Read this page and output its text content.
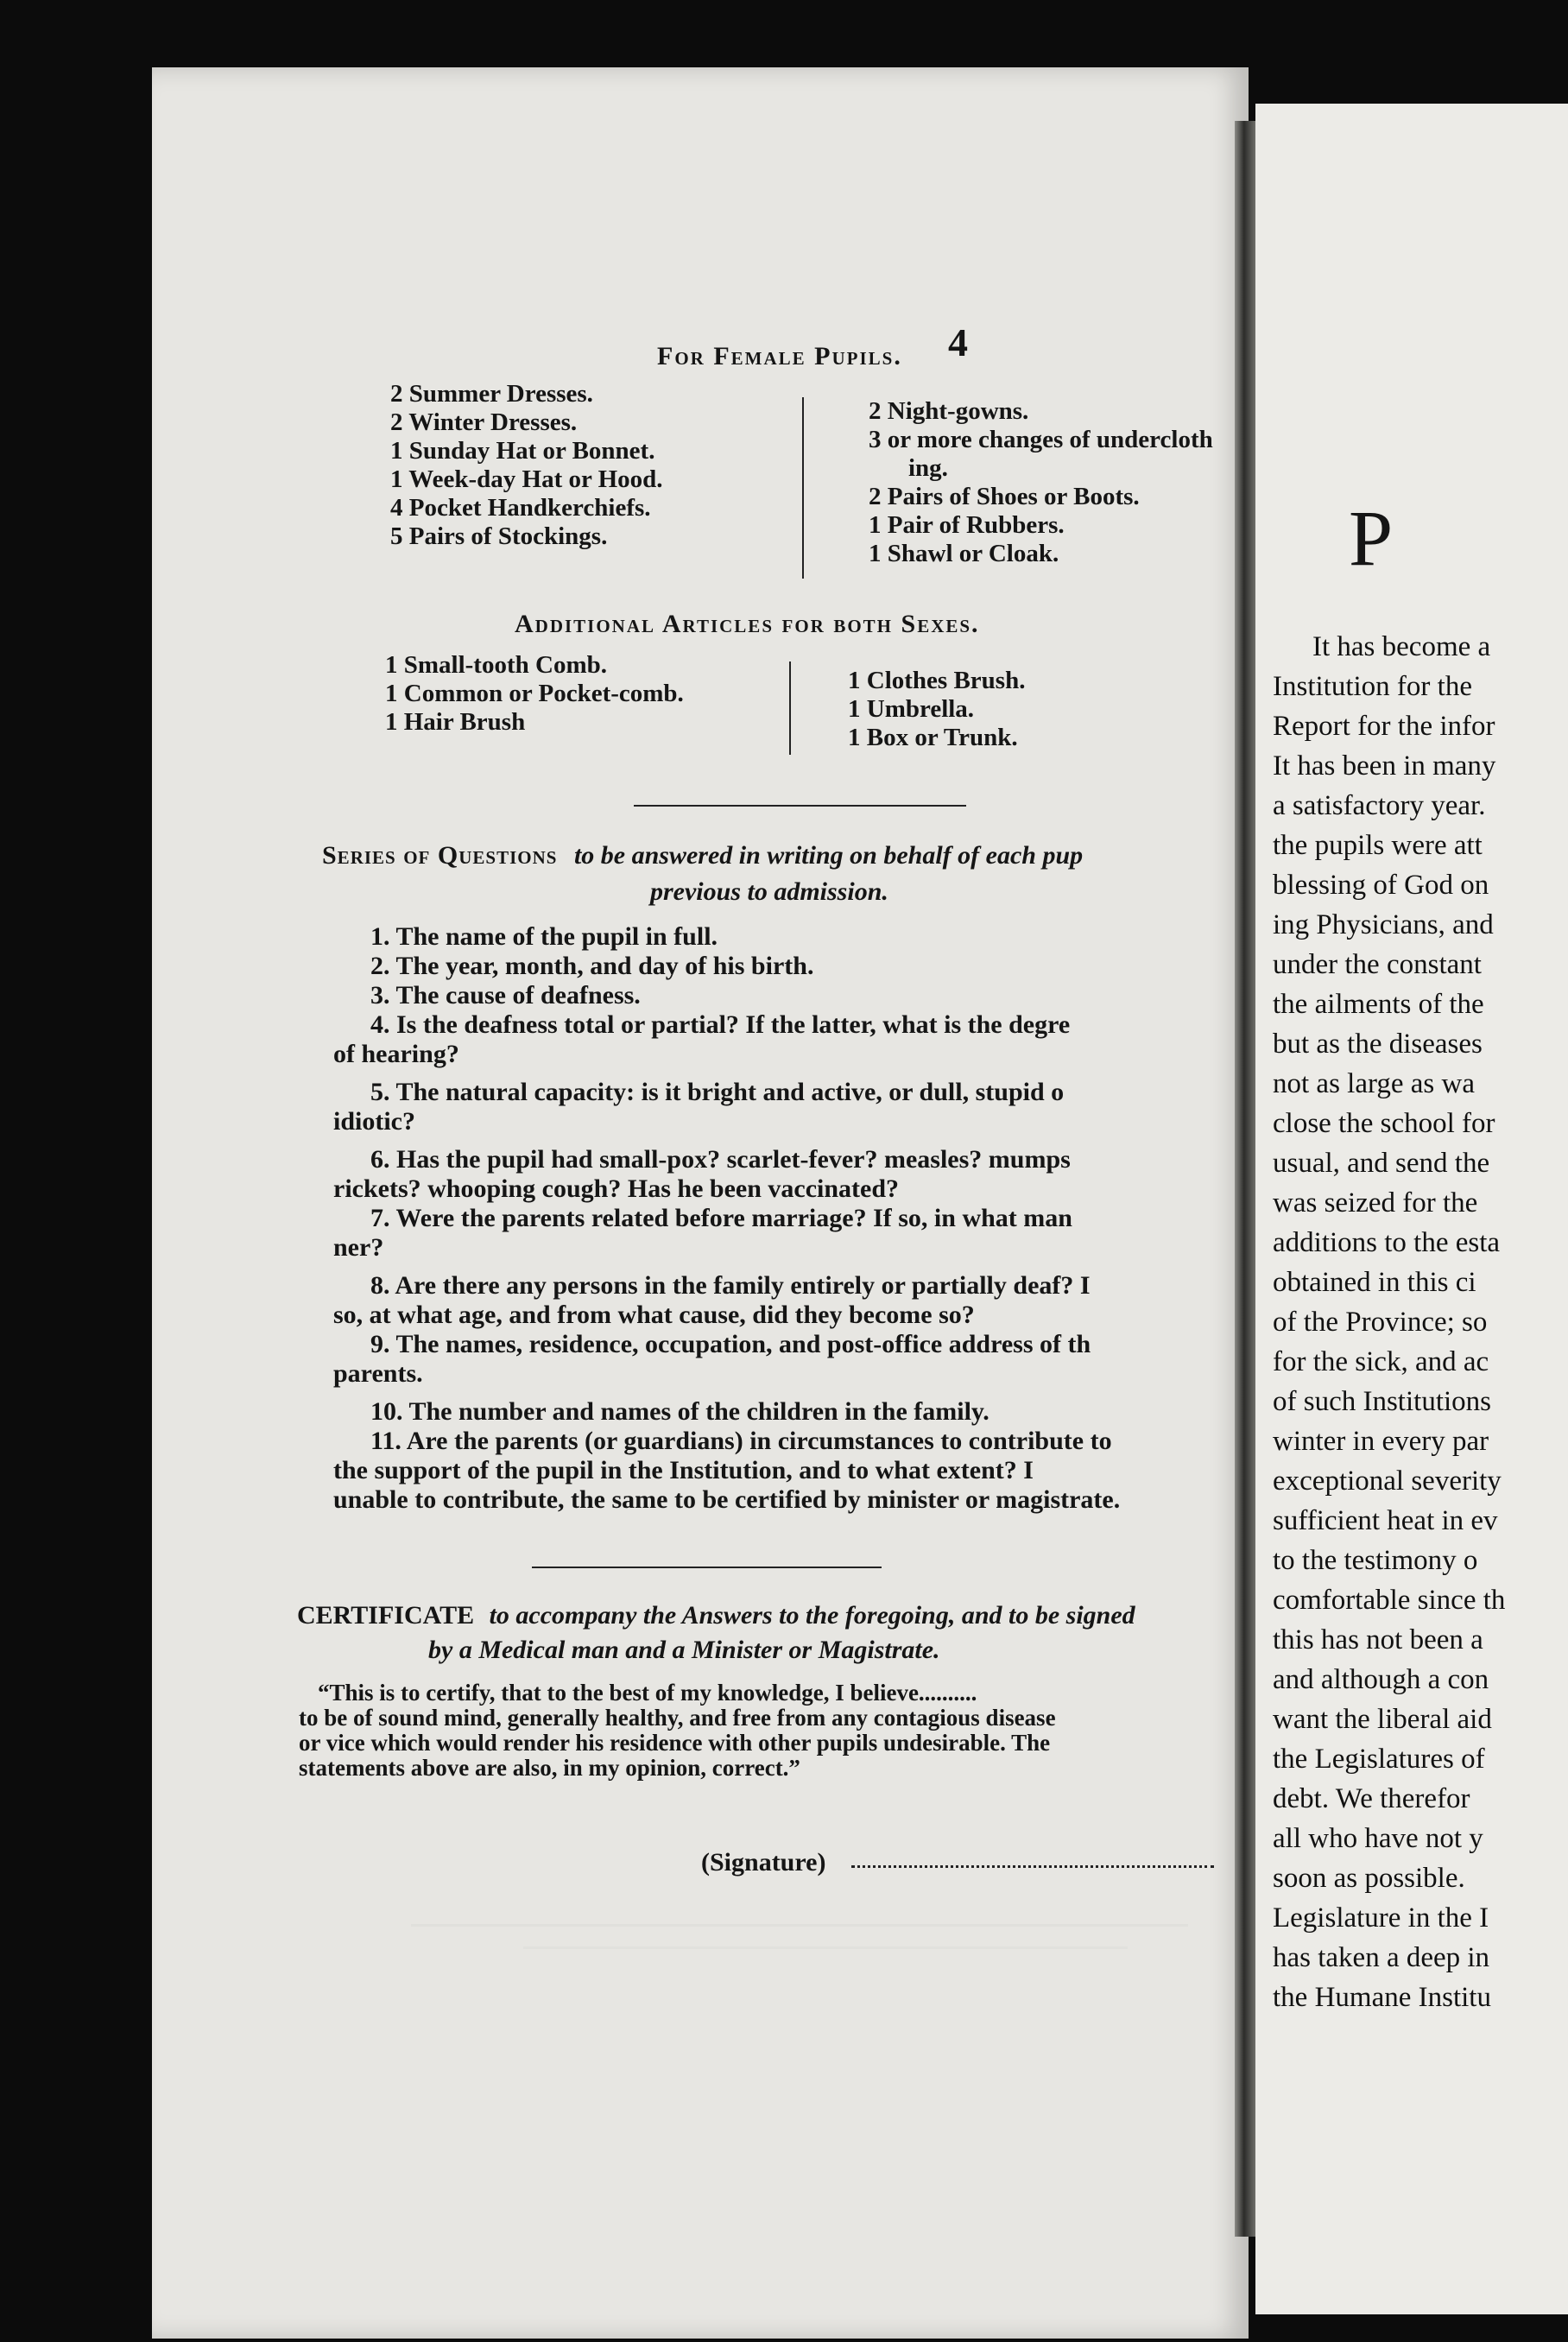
4
For Female Pupils.
2 Summer Dresses.
2 Winter Dresses.
1 Sunday Hat or Bonnet.
1 Week-day Hat or Hood.
4 Pocket Handkerchiefs.
5 Pairs of Stockings.
2 Night-gowns.
3 or more changes of undercloth
ing.
2 Pairs of Shoes or Boots.
1 Pair of Rubbers.
1 Shawl or Cloak.
Additional Articles for both Sexes.
1 Small-tooth Comb.
1 Common or Pocket-comb.
1 Hair Brush
1 Clothes Brush.
1 Umbrella.
1 Box or Trunk.
Series of Questions to be answered in writing on behalf of each pup
previous to admission.
1. The name of the pupil in full.
2. The year, month, and day of his birth.
3. The cause of deafness.
4. Is the deafness total or partial? If the latter, what is the degre
of hearing?
5. The natural capacity: is it bright and active, or dull, stupid o
idiotic?
6. Has the pupil had small-pox? scarlet-fever? measles? mumps
rickets? whooping cough? Has he been vaccinated?
7. Were the parents related before marriage? If so, in what man
ner?
8. Are there any persons in the family entirely or partially deaf? I
so, at what age, and from what cause, did they become so?
9. The names, residence, occupation, and post-office address of th
parents.
10. The number and names of the children in the family.
11. Are the parents (or guardians) in circumstances to contribute to
the support of the pupil in the Institution, and to what extent? I
unable to contribute, the same to be certified by minister or magistrate.
CERTIFICATE to accompany the Answers to the foregoing, and to be signed
by a Medical man and a Minister or Magistrate.
“This is to certify, that to the best of my knowledge, I believe..........
to be of sound mind, generally healthy, and free from any contagious disease
or vice which would render his residence with other pupils undesirable. The
statements above are also, in my opinion, correct.”
(Signature)
P
It has become a
Institution for the
Report for the infor
It has been in many
a satisfactory year.
the pupils were att
blessing of God on
ing Physicians, and
under the constant
the ailments of the
but as the diseases
not as large as wa
close the school for
usual, and send the
was seized for the
additions to the esta
obtained in this ci
of the Province; so
for the sick, and ac
of such Institutions
winter in every par
exceptional severity
sufficient heat in ev
to the testimony o
comfortable since th
this has not been a
and although a con
want the liberal aid
the Legislatures of
debt. We therefor
all who have not y
soon as possible.
Legislature in the I
has taken a deep in
the Humane Institu
